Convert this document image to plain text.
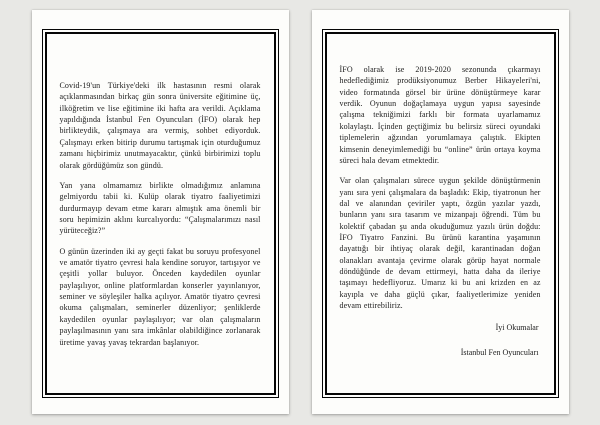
Covid-19'un Türkiye'deki ilk hastasının resmi olarak açıklanmasından birkaç gün sonra üniversite eğitimine üç, ilköğretim ve lise eğitimine iki hafta ara verildi. Açıklama yapıldığında İstanbul Fen Oyuncuları (İFO) olarak hep birlikteydik, çalışmaya ara vermiş, sohbet ediyorduk. Çalışmayı erken bitirip durumu tartışmak için oturduğumuz zamanı hiçbirimiz unutmayacaktır, çünkü birbirimizi toplu olarak gördüğümüz son gündü.

Yan yana olmamamız birlikte olmadığımız anlamına gelmiyordu tabii ki. Kulüp olarak tiyatro faaliyetimizi durdurmayıp devam etme kararı almıştık ama önemli bir soru hepimizin aklını kurcalıyordu: “Çalışmalarımızı nasıl yürüteceğiz?”

O günün üzerinden iki ay geçti fakat bu soruyu profesyonel ve amatör tiyatro çevresi hala kendine soruyor, tartışıyor ve çeşitli yollar buluyor. Önceden kaydedilen oyunlar paylaşılıyor, online platformlardan konserler yayınlanıyor, seminer ve söyleşiler halka açılıyor. Amatör tiyatro çevresi okuma çalışmaları, seminerler düzenliyor; şenliklerde kaydedilen oyunlar paylaşılıyor; var olan çalışmaların paylaşılmasının yanı sıra imkânlar olabildiğince zorlanarak üretime yavaş yavaş tekrardan başlanıyor.

İFO olarak ise 2019-2020 sezonunda çıkarmayı hedeflediğimiz prodüksiyonumuz Berber Hikayeleri'ni, video formatında görsel bir ürüne dönüştürmeye karar verdik. Oyunun doğaçlamaya uygun yapısı sayesinde çalışma tekniğimizi farklı bir formata uyarlamamız kolaylaştı. İçinden geçtiğimiz bu belirsiz süreci oyundaki tiplemelerin ağzından yorumlamaya çalıştık. Ekipten kimsenin deneyimlemediği bu “online” ürün ortaya koyma süreci hala devam etmektedir.

Var olan çalışmaları sürece uygun şekilde dönüştürmenin yanı sıra yeni çalışmalara da başladık: Ekip, tiyatronun her dal ve alanından çeviriler yaptı, özgün yazılar yazdı, bunların yanı sıra tasarım ve mizanpajı öğrendi. Tüm bu kolektif çabadan şu anda okuduğumuz yazılı ürün doğdu: İFO Tiyatro Fanzini. Bu ürünü karantina yaşamının dayattığı bir ihtiyaç olarak değil, karantinadan doğan olanakları avantaja çevirme olarak görüp hayat normale döndüğünde de devam ettirmeyi, hatta daha da ileriye taşımayı hedefliyoruz. Umarız ki bu ani krizden en az kayıpla ve daha güçlü çıkar, faaliyetlerimize yeniden devam ettirebiliriz.

İyi Okumalar

İstanbul Fen Oyuncuları
